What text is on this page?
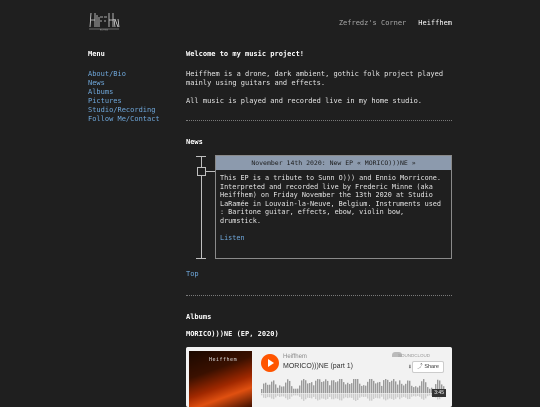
Heiffhem
Zefredz's Corner Heiffhem
Menu
About/Bio
News
Albums
Pictures
Studio/Recording
Follow Me/Contact
Welcome to my music project!

Heiffhem is a drone, dark ambient, gothic folk project played mainly using guitars and effects.

All music is played and recorded live in my home studio.

News
November 14th 2020: New EP « MORICO)))NE »
This EP is a tribute to Sunn O))) and Ennio Morricone. Interpreted and recorded live by Frederic Minne (aka Heiffhem) on Friday November the 13th 2020 at Studio LaRamée in Louvain-la-Neuve, Belgium. Instruments used : Baritone guitar, effects, ebow, violin bow, drumstick.
Listen
Top
Albums
MORICO)))NE (EP, 2020)
Heiffhem	Heiffhem
MORICO)))NE (part 1)
SOUNDCLOUD
⬇ ⤴ Share
3:45
